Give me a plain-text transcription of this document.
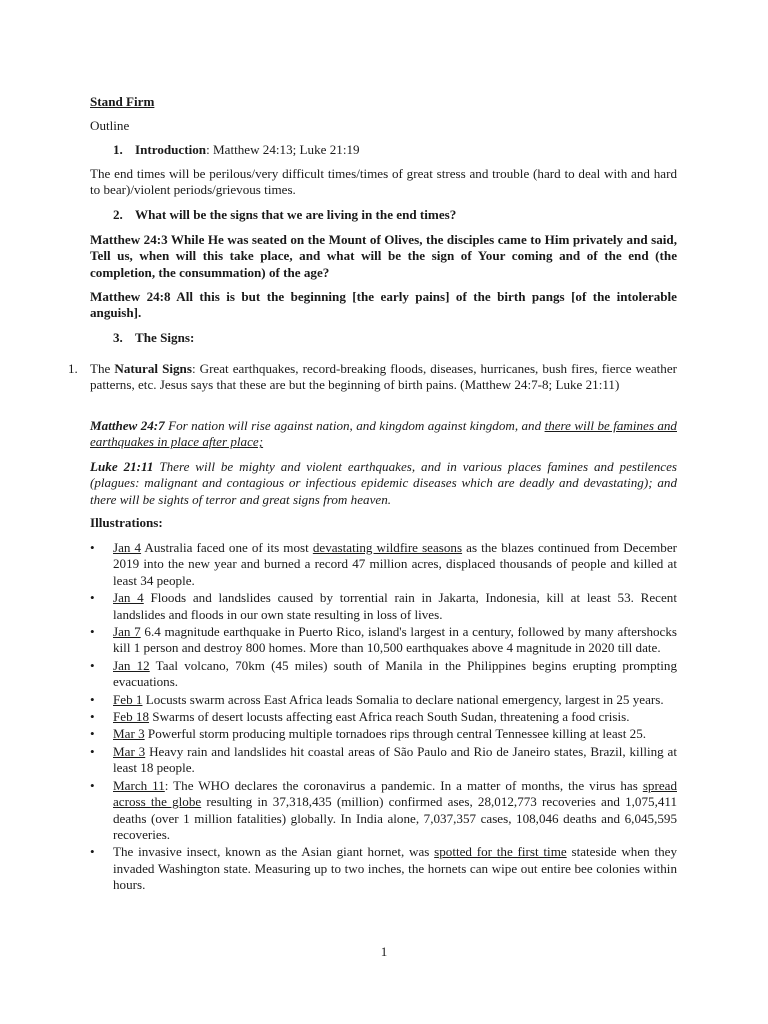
Stand Firm
Outline
1. Introduction: Matthew 24:13; Luke 21:19

The end times will be perilous/very difficult times/times of great stress and trouble (hard to deal with and hard to bear)/violent periods/grievous times.

2. What will be the signs that we are living in the end times?

Matthew 24:3 While He was seated on the Mount of Olives, the disciples came to Him privately and said, Tell us, when will this take place, and what will be the sign of Your coming and of the end (the completion, the consummation) of the age?

Matthew 24:8 All this is but the beginning [the early pains] of the birth pangs [of the intolerable anguish].

3. The Signs:
1. The Natural Signs: Great earthquakes, record-breaking floods, diseases, hurricanes, bush fires, fierce weather patterns, etc. Jesus says that these are but the beginning of birth pains. (Matthew 24:7-8; Luke 21:11)

Matthew 24:7 For nation will rise against nation, and kingdom against kingdom, and there will be famines and earthquakes in place after place;

Luke 21:11 There will be mighty and violent earthquakes, and in various places famines and pestilences (plagues: malignant and contagious or infectious epidemic diseases which are deadly and devastating); and there will be sights of terror and great signs from heaven.

Illustrations:
• Jan 4 Australia faced one of its most devastating wildfire seasons as the blazes continued from December 2019 into the new year and burned a record 47 million acres, displaced thousands of people and killed at least 34 people.
• Jan 4 Floods and landslides caused by torrential rain in Jakarta, Indonesia, kill at least 53. Recent landslides and floods in our own state resulting in loss of lives.
• Jan 7 6.4 magnitude earthquake in Puerto Rico, island's largest in a century, followed by many aftershocks kill 1 person and destroy 800 homes. More than 10,500 earthquakes above 4 magnitude in 2020 till date.
• Jan 12 Taal volcano, 70km (45 miles) south of Manila in the Philippines begins erupting prompting evacuations.
• Feb 1 Locusts swarm across East Africa leads Somalia to declare national emergency, largest in 25 years.
• Feb 18 Swarms of desert locusts affecting east Africa reach South Sudan, threatening a food crisis.
• Mar 3 Powerful storm producing multiple tornadoes rips through central Tennessee killing at least 25.
• Mar 3 Heavy rain and landslides hit coastal areas of São Paulo and Rio de Janeiro states, Brazil, killing at least 18 people.
• March 11: The WHO declares the coronavirus a pandemic. In a matter of months, the virus has spread across the globe resulting in 37,318,435 (million) confirmed ases, 28,012,773 recoveries and 1,075,411 deaths (over 1 million fatalities) globally. In India alone, 7,037,357 cases, 108,046 deaths and 6,045,595 recoveries.
• The invasive insect, known as the Asian giant hornet, was spotted for the first time stateside when they invaded Washington state. Measuring up to two inches, the hornets can wipe out entire bee colonies within hours.
1
